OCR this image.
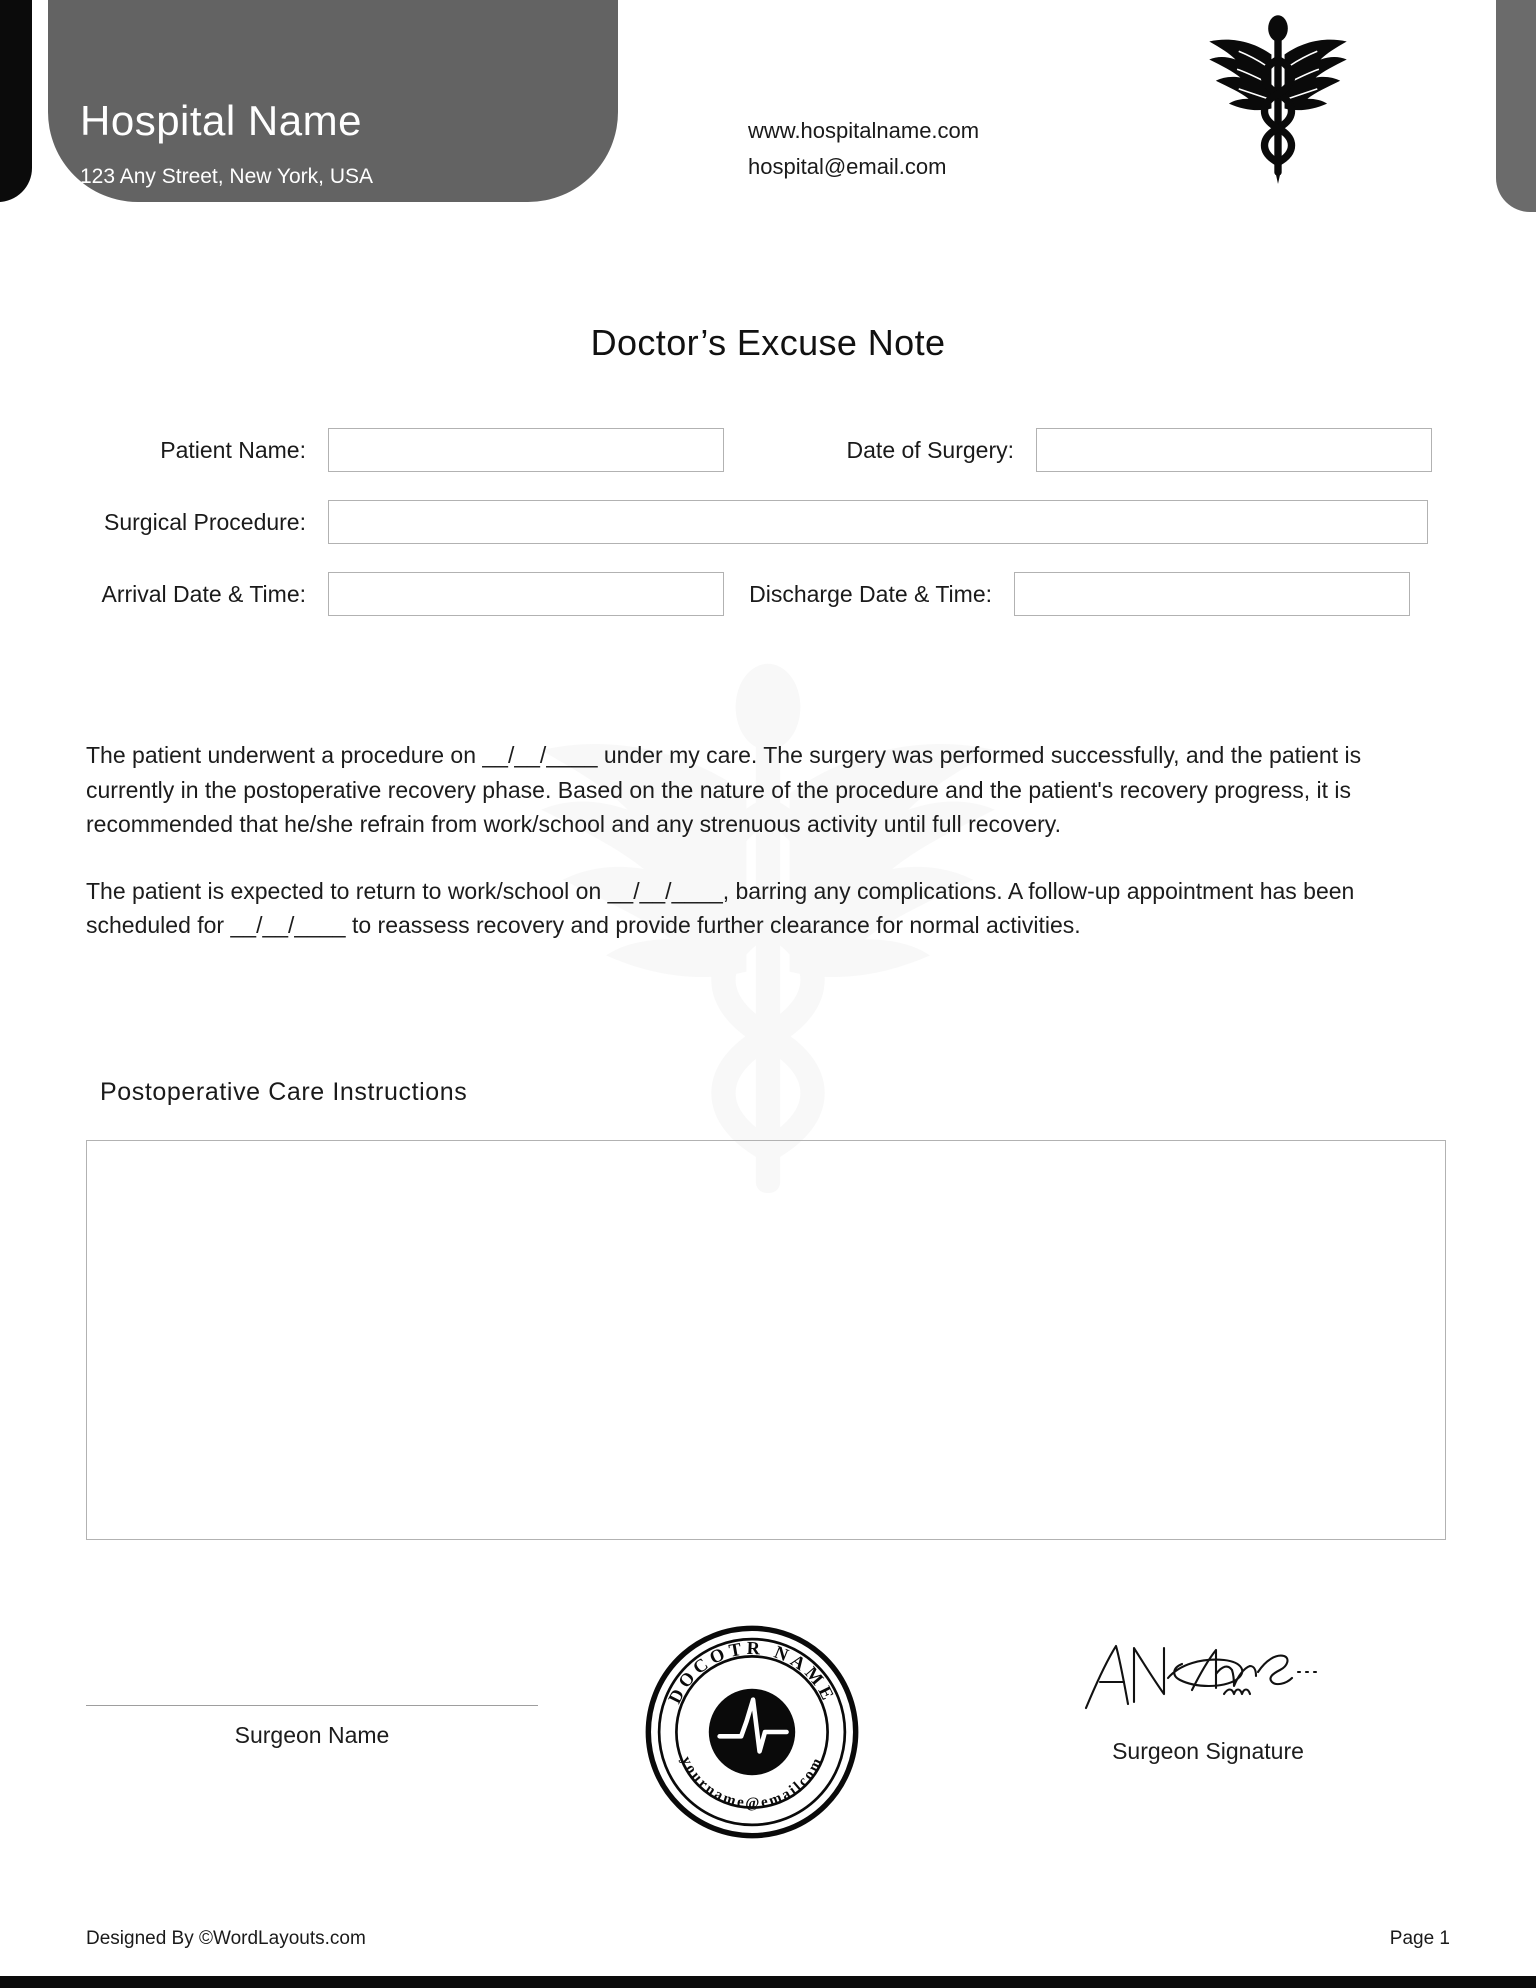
Hospital Name
123 Any Street, New York, USA
123-786-XXXX
www.hospitalname.com
hospital@email.com
Doctor’s Excuse Note
Patient Name:	Date of Surgery:
Surgical Procedure:
Arrival Date & Time:	Discharge Date & Time:

The patient underwent a procedure on __/__/____ under my care. The surgery was performed successfully, and the patient is currently in the postoperative recovery phase. Based on the nature of the procedure and the patient's recovery progress, it is recommended that he/she refrain from work/school and any strenuous activity until full recovery.

The patient is expected to return to work/school on __/__/____, barring any complications. A follow-up appointment has been scheduled for __/__/____ to reassess recovery and provide further clearance for normal activities.

Postoperative Care Instructions
Surgeon Name
DOCOTR NAME
yourname@emailcom	Surgeon Signature
Designed By ©WordLayouts.com	Page 1
